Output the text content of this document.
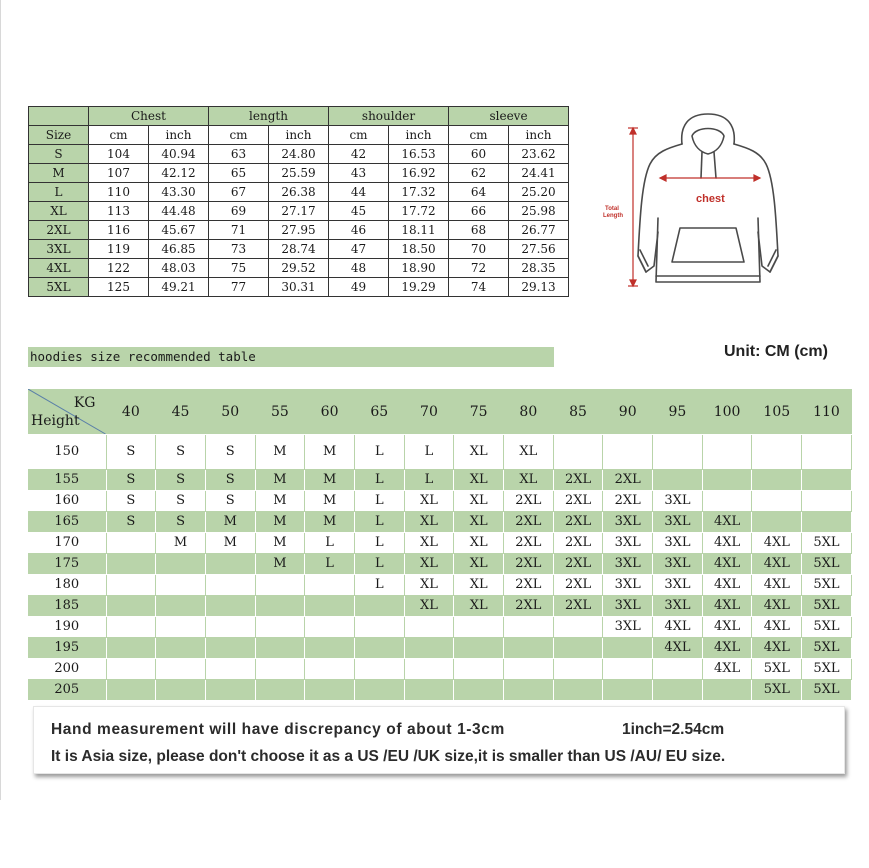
	Chest		length		shoulder		sleeve	
Size	cm	inch	cm	inch	cm	inch	cm	inch
S	104	40.94	63	24.80	42	16.53	60	23.62
M	107	42.12	65	25.59	43	16.92	62	24.41
L	110	43.30	67	26.38	44	17.32	64	25.20
XL	113	44.48	69	27.17	45	17.72	66	25.98
2XL	116	45.67	71	27.95	46	18.11	68	26.77
3XL	119	46.85	73	28.74	47	18.50	70	27.56
4XL	122	48.03	75	29.52	48	18.90	72	28.35
5XL	125	49.21	77	30.31	49	19.29	74	29.13
chest
Total
Length
hoodies size recommended table	Unit: CM (cm)
KG
Height	40	45	50	55	60	65	70	75	80	85	90	95	100	105	110
150	S	S	S	M	M	L	L	XL	XL						
155	S	S	S	M	M	L	L	XL	XL	2XL	2XL				
160	S	S	S	M	M	L	XL	XL	2XL	2XL	2XL	3XL			
165	S	S	M	M	M	L	XL	XL	2XL	2XL	3XL	3XL	4XL		
170		M	M	M	L	L	XL	XL	2XL	2XL	3XL	3XL	4XL	4XL	5XL
175				M	L	L	XL	XL	2XL	2XL	3XL	3XL	4XL	4XL	5XL
180						L	XL	XL	2XL	2XL	3XL	3XL	4XL	4XL	5XL
185							XL	XL	2XL	2XL	3XL	3XL	4XL	4XL	5XL
190											3XL	4XL	4XL	4XL	5XL
195												4XL	4XL	4XL	5XL
200													4XL	5XL	5XL
205														5XL	5XL
Hand measurement will have discrepancy of about 1-3cm	1inch=2.54cm
It is Asia size, please don't choose it as a US /EU /UK size,it is smaller than US /AU/ EU size.
